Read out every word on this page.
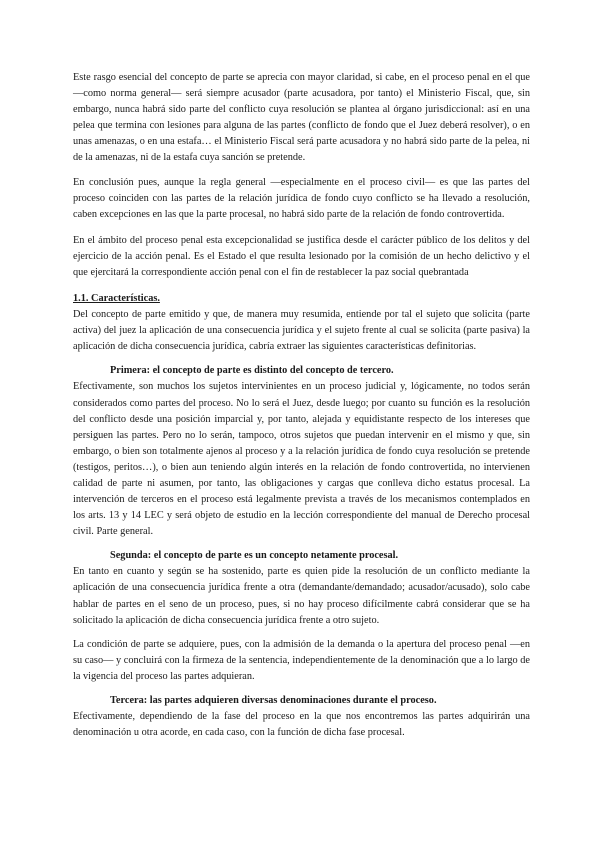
Este rasgo esencial del concepto de parte se aprecia con mayor claridad, si cabe, en el proceso penal en el que —como norma general— será siempre acusador (parte acusadora, por tanto) el Ministerio Fiscal, que, sin embargo, nunca habrá sido parte del conflicto cuya resolución se plantea al órgano jurisdiccional: así en una pelea que termina con lesiones para alguna de las partes (conflicto de fondo que el Juez deberá resolver), o en unas amenazas, o en una estafa… el Ministerio Fiscal será parte acusadora y no habrá sido parte de la pelea, ni de la amenazas, ni de la estafa cuya sanción se pretende.

En conclusión pues, aunque la regla general —especialmente en el proceso civil— es que las partes del proceso coinciden con las partes de la relación jurídica de fondo cuyo conflicto se ha llevado a resolución, caben excepciones en las que la parte procesal, no habrá sido parte de la relación de fondo controvertida.

En el ámbito del proceso penal esta excepcionalidad se justifica desde el carácter público de los delitos y del ejercicio de la acción penal. Es el Estado el que resulta lesionado por la comisión de un hecho delictivo y el que ejercitará la correspondiente acción penal con el fin de restablecer la paz social quebrantada

1.1. Características.

Del concepto de parte emitido y que, de manera muy resumida, entiende por tal el sujeto que solicita (parte activa) del juez la aplicación de una consecuencia jurídica y el sujeto frente al cual se solicita (parte pasiva) la aplicación de dicha consecuencia jurídica, cabría extraer las siguientes características definitorias.

Primera: el concepto de parte es distinto del concepto de tercero.

Efectivamente, son muchos los sujetos intervinientes en un proceso judicial y, lógicamente, no todos serán considerados como partes del proceso. No lo será el Juez, desde luego; por cuanto su función es la resolución del conflicto desde una posición imparcial y, por tanto, alejada y equidistante respecto de los intereses que persiguen las partes. Pero no lo serán, tampoco, otros sujetos que puedan intervenir en el mismo y que, sin embargo, o bien son totalmente ajenos al proceso y a la relación jurídica de fondo cuya resolución se pretende (testigos, peritos…), o bien aun teniendo algún interés en la relación de fondo controvertida, no intervienen calidad de parte ni asumen, por tanto, las obligaciones y cargas que conlleva dicho estatus procesal. La intervención de terceros en el proceso está legalmente prevista a través de los mecanismos contemplados en los arts. 13 y 14 LEC y será objeto de estudio en la lección correspondiente del manual de Derecho procesal civil. Parte general.

Segunda: el concepto de parte es un concepto netamente procesal.

En tanto en cuanto y según se ha sostenido, parte es quien pide la resolución de un conflicto mediante la aplicación de una consecuencia jurídica frente a otra (demandante/demandado; acusador/acusado), solo cabe hablar de partes en el seno de un proceso, pues, si no hay proceso difícilmente cabrá considerar que se ha solicitado la aplicación de dicha consecuencia jurídica frente a otro sujeto.

La condición de parte se adquiere, pues, con la admisión de la demanda o la apertura del proceso penal —en su caso— y concluirá con la firmeza de la sentencia, independientemente de la denominación que a lo largo de la vigencia del proceso las partes adquieran.

Tercera: las partes adquieren diversas denominaciones durante el proceso.

Efectivamente, dependiendo de la fase del proceso en la que nos encontremos las partes adquirirán una denominación u otra acorde, en cada caso, con la función de dicha fase procesal.
